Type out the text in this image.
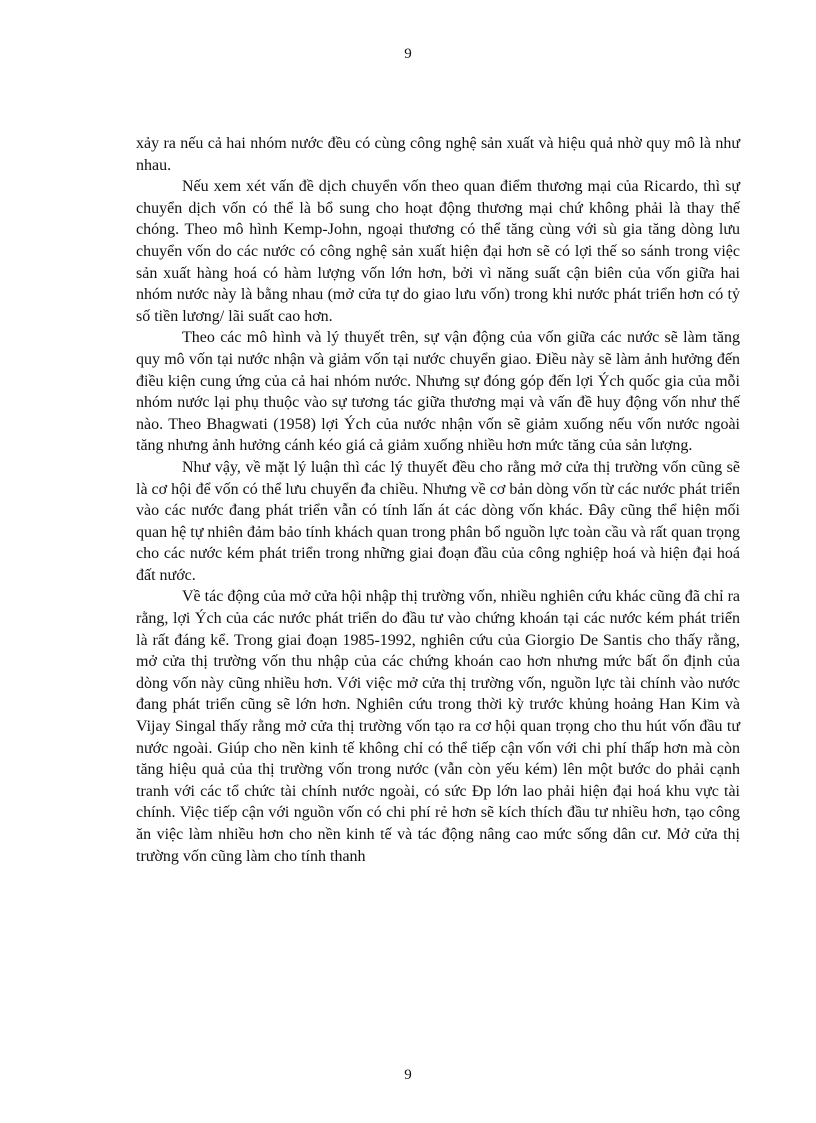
9

xảy ra nếu cả hai nhóm nước đều có cùng công nghệ sản xuất và hiệu quả nhờ quy mô là như nhau.

Nếu xem xét vấn đề dịch chuyển vốn theo quan điểm thương mại của Ricardo, thì sự chuyển dịch vốn có thể là bổ sung cho hoạt động thương mại chứ không phải là thay thế chóng. Theo mô hình Kemp-John, ngoại thương có thể tăng cùng với sù gia tăng dòng lưu chuyển vốn do các nước có công nghệ sản xuất hiện đại hơn sẽ có lợi thế so sánh trong việc sản xuất hàng hoá có hàm lượng vốn lớn hơn, bởi vì năng suất cận biên của vốn giữa hai nhóm nước này là bằng nhau (mở cửa tự do giao lưu vốn) trong khi nước phát triển hơn có tỷ số tiền lương/ lãi suất cao hơn.

Theo các mô hình và lý thuyết trên, sự vận động của vốn giữa các nước sẽ làm tăng quy mô vốn tại nước nhận và giảm vốn tại nước chuyển giao. Điều này sẽ làm ảnh hưởng đến điều kiện cung ứng của cả hai nhóm nước. Nhưng sự đóng góp đến lợi Ých quốc gia của mỗi nhóm nước lại phụ thuộc vào sự tương tác giữa thương mại và vấn đề huy động vốn như thế nào. Theo Bhagwati (1958) lợi Ých của nước nhận vốn sẽ giảm xuống nếu vốn nước ngoài tăng nhưng ảnh hưởng cánh kéo giá cả giảm xuống nhiều hơn mức tăng của sản lượng.

Như vậy, về mặt lý luận thì các lý thuyết đều cho rằng mở cửa thị trường vốn cũng sẽ là cơ hội để vốn có thể lưu chuyển đa chiều. Nhưng về cơ bản dòng vốn từ các nước phát triển vào các nước đang phát triển vẫn có tính lấn át các dòng vốn khác. Đây cũng thể hiện mối quan hệ tự nhiên đảm bảo tính khách quan trong phân bổ nguồn lực toàn cầu và rất quan trọng cho các nước kém phát triển trong những giai đoạn đầu của công nghiệp hoá và hiện đại hoá đất nước.

Về tác động của mở cửa hội nhập thị trường vốn, nhiều nghiên cứu khác cũng đã chỉ ra rằng, lợi Ých của các nước phát triển do đầu tư vào chứng khoán tại các nước kém phát triển là rất đáng kể. Trong giai đoạn 1985-1992, nghiên cứu của Giorgio De Santis cho thấy rằng, mở cửa thị trường vốn thu nhập của các chứng khoán cao hơn nhưng mức bất ổn định của dòng vốn này cũng nhiều hơn. Với việc mở cửa thị trường vốn, nguồn lực tài chính vào nước đang phát triển cũng sẽ lớn hơn. Nghiên cứu trong thời kỳ trước khủng hoảng Han Kim và Vijay Singal thấy rằng mở cửa thị trường vốn tạo ra cơ hội quan trọng cho thu hút vốn đầu tư nước ngoài. Giúp cho nền kinh tế không chỉ có thể tiếp cận vốn với chi phí thấp hơn mà còn tăng hiệu quả của thị trường vốn trong nước (vẫn còn yếu kém) lên một bước do phải cạnh tranh với các tổ chức tài chính nước ngoài, có sức Ðp lớn lao phải hiện đại hoá khu vực tài chính. Việc tiếp cận với nguồn vốn có chi phí rẻ hơn sẽ kích thích đầu tư nhiều hơn, tạo công ăn việc làm nhiều hơn cho nền kinh tế và tác động nâng cao mức sống dân cư. Mở cửa thị trường vốn cũng làm cho tính thanh

9
